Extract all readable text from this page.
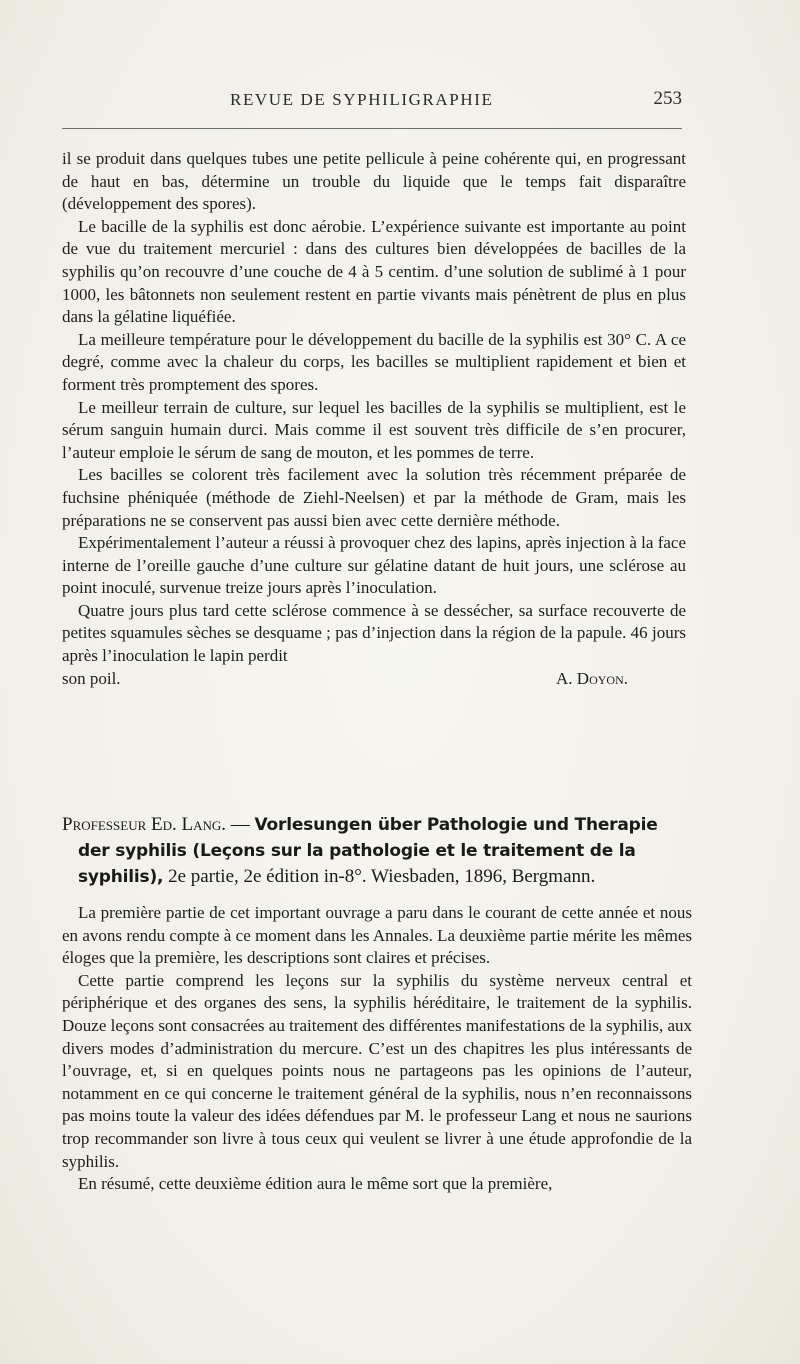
REVUE DE SYPHILIGRAPHIE	253

il se produit dans quelques tubes une petite pellicule à peine cohérente qui, en progressant de haut en bas, détermine un trouble du liquide que le temps fait disparaître (développement des spores).

Le bacille de la syphilis est donc aérobie. L’expérience suivante est importante au point de vue du traitement mercuriel : dans des cultures bien développées de bacilles de la syphilis qu’on recouvre d’une couche de 4 à 5 centim. d’une solution de sublimé à 1 pour 1000, les bâtonnets non seulement restent en partie vivants mais pénètrent de plus en plus dans la gélatine liquéfiée.

La meilleure température pour le développement du bacille de la syphilis est 30° C. A ce degré, comme avec la chaleur du corps, les bacilles se multiplient rapidement et bien et forment très promptement des spores.

Le meilleur terrain de culture, sur lequel les bacilles de la syphilis se multiplient, est le sérum sanguin humain durci. Mais comme il est souvent très difficile de s’en procurer, l’auteur emploie le sérum de sang de mouton, et les pommes de terre.

Les bacilles se colorent très facilement avec la solution très récemment préparée de fuchsine phéniquée (méthode de Ziehl-Neelsen) et par la méthode de Gram, mais les préparations ne se conservent pas aussi bien avec cette dernière méthode.

Expérimentalement l’auteur a réussi à provoquer chez des lapins, après injection à la face interne de l’oreille gauche d’une culture sur gélatine datant de huit jours, une sclérose au point inoculé, survenue treize jours après l’inoculation.

Quatre jours plus tard cette sclérose commence à se dessécher, sa surface recouverte de petites squamules sèches se desquame ; pas d’injection dans la région de la papule. 46 jours après l’inoculation le lapin perdit

son poil.	A. Doyon.
Professeur Ed. Lang. — Vorlesungen über Pathologie und Therapie der syphilis (Leçons sur la pathologie et le traitement de la syphilis), 2e partie, 2e édition in-8°. Wiesbaden, 1896, Bergmann.

La première partie de cet important ouvrage a paru dans le courant de cette année et nous en avons rendu compte à ce moment dans les Annales. La deuxième partie mérite les mêmes éloges que la première, les descriptions sont claires et précises.

Cette partie comprend les leçons sur la syphilis du système nerveux central et périphérique et des organes des sens, la syphilis héréditaire, le traitement de la syphilis. Douze leçons sont consacrées au traitement des différentes manifestations de la syphilis, aux divers modes d’administration du mercure. C’est un des chapitres les plus intéressants de l’ouvrage, et, si en quelques points nous ne partageons pas les opinions de l’auteur, notamment en ce qui concerne le traitement général de la syphilis, nous n’en reconnaissons pas moins toute la valeur des idées défendues par M. le professeur Lang et nous ne saurions trop recommander son livre à tous ceux qui veulent se livrer à une étude approfondie de la syphilis.

En résumé, cette deuxième édition aura le même sort que la première,
